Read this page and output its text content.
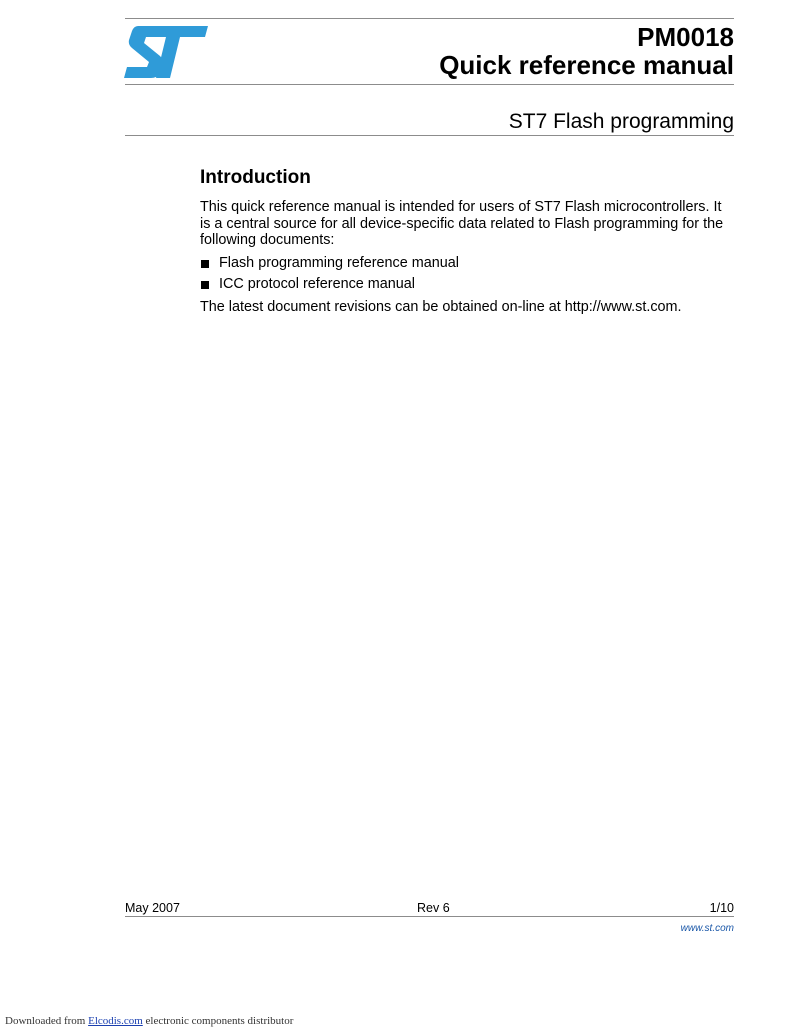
PM0018
Quick reference manual
ST7 Flash programming
Introduction

This quick reference manual is intended for users of ST7 Flash microcontrollers. It is a central source for all device-specific data related to Flash programming for the following documents:

Flash programming reference manual
ICC protocol reference manual

The latest document revisions can be obtained on-line at http://www.st.com.

May 2007	Rev 6	1/10
www.st.com
Downloaded from Elcodis.com electronic components distributor
